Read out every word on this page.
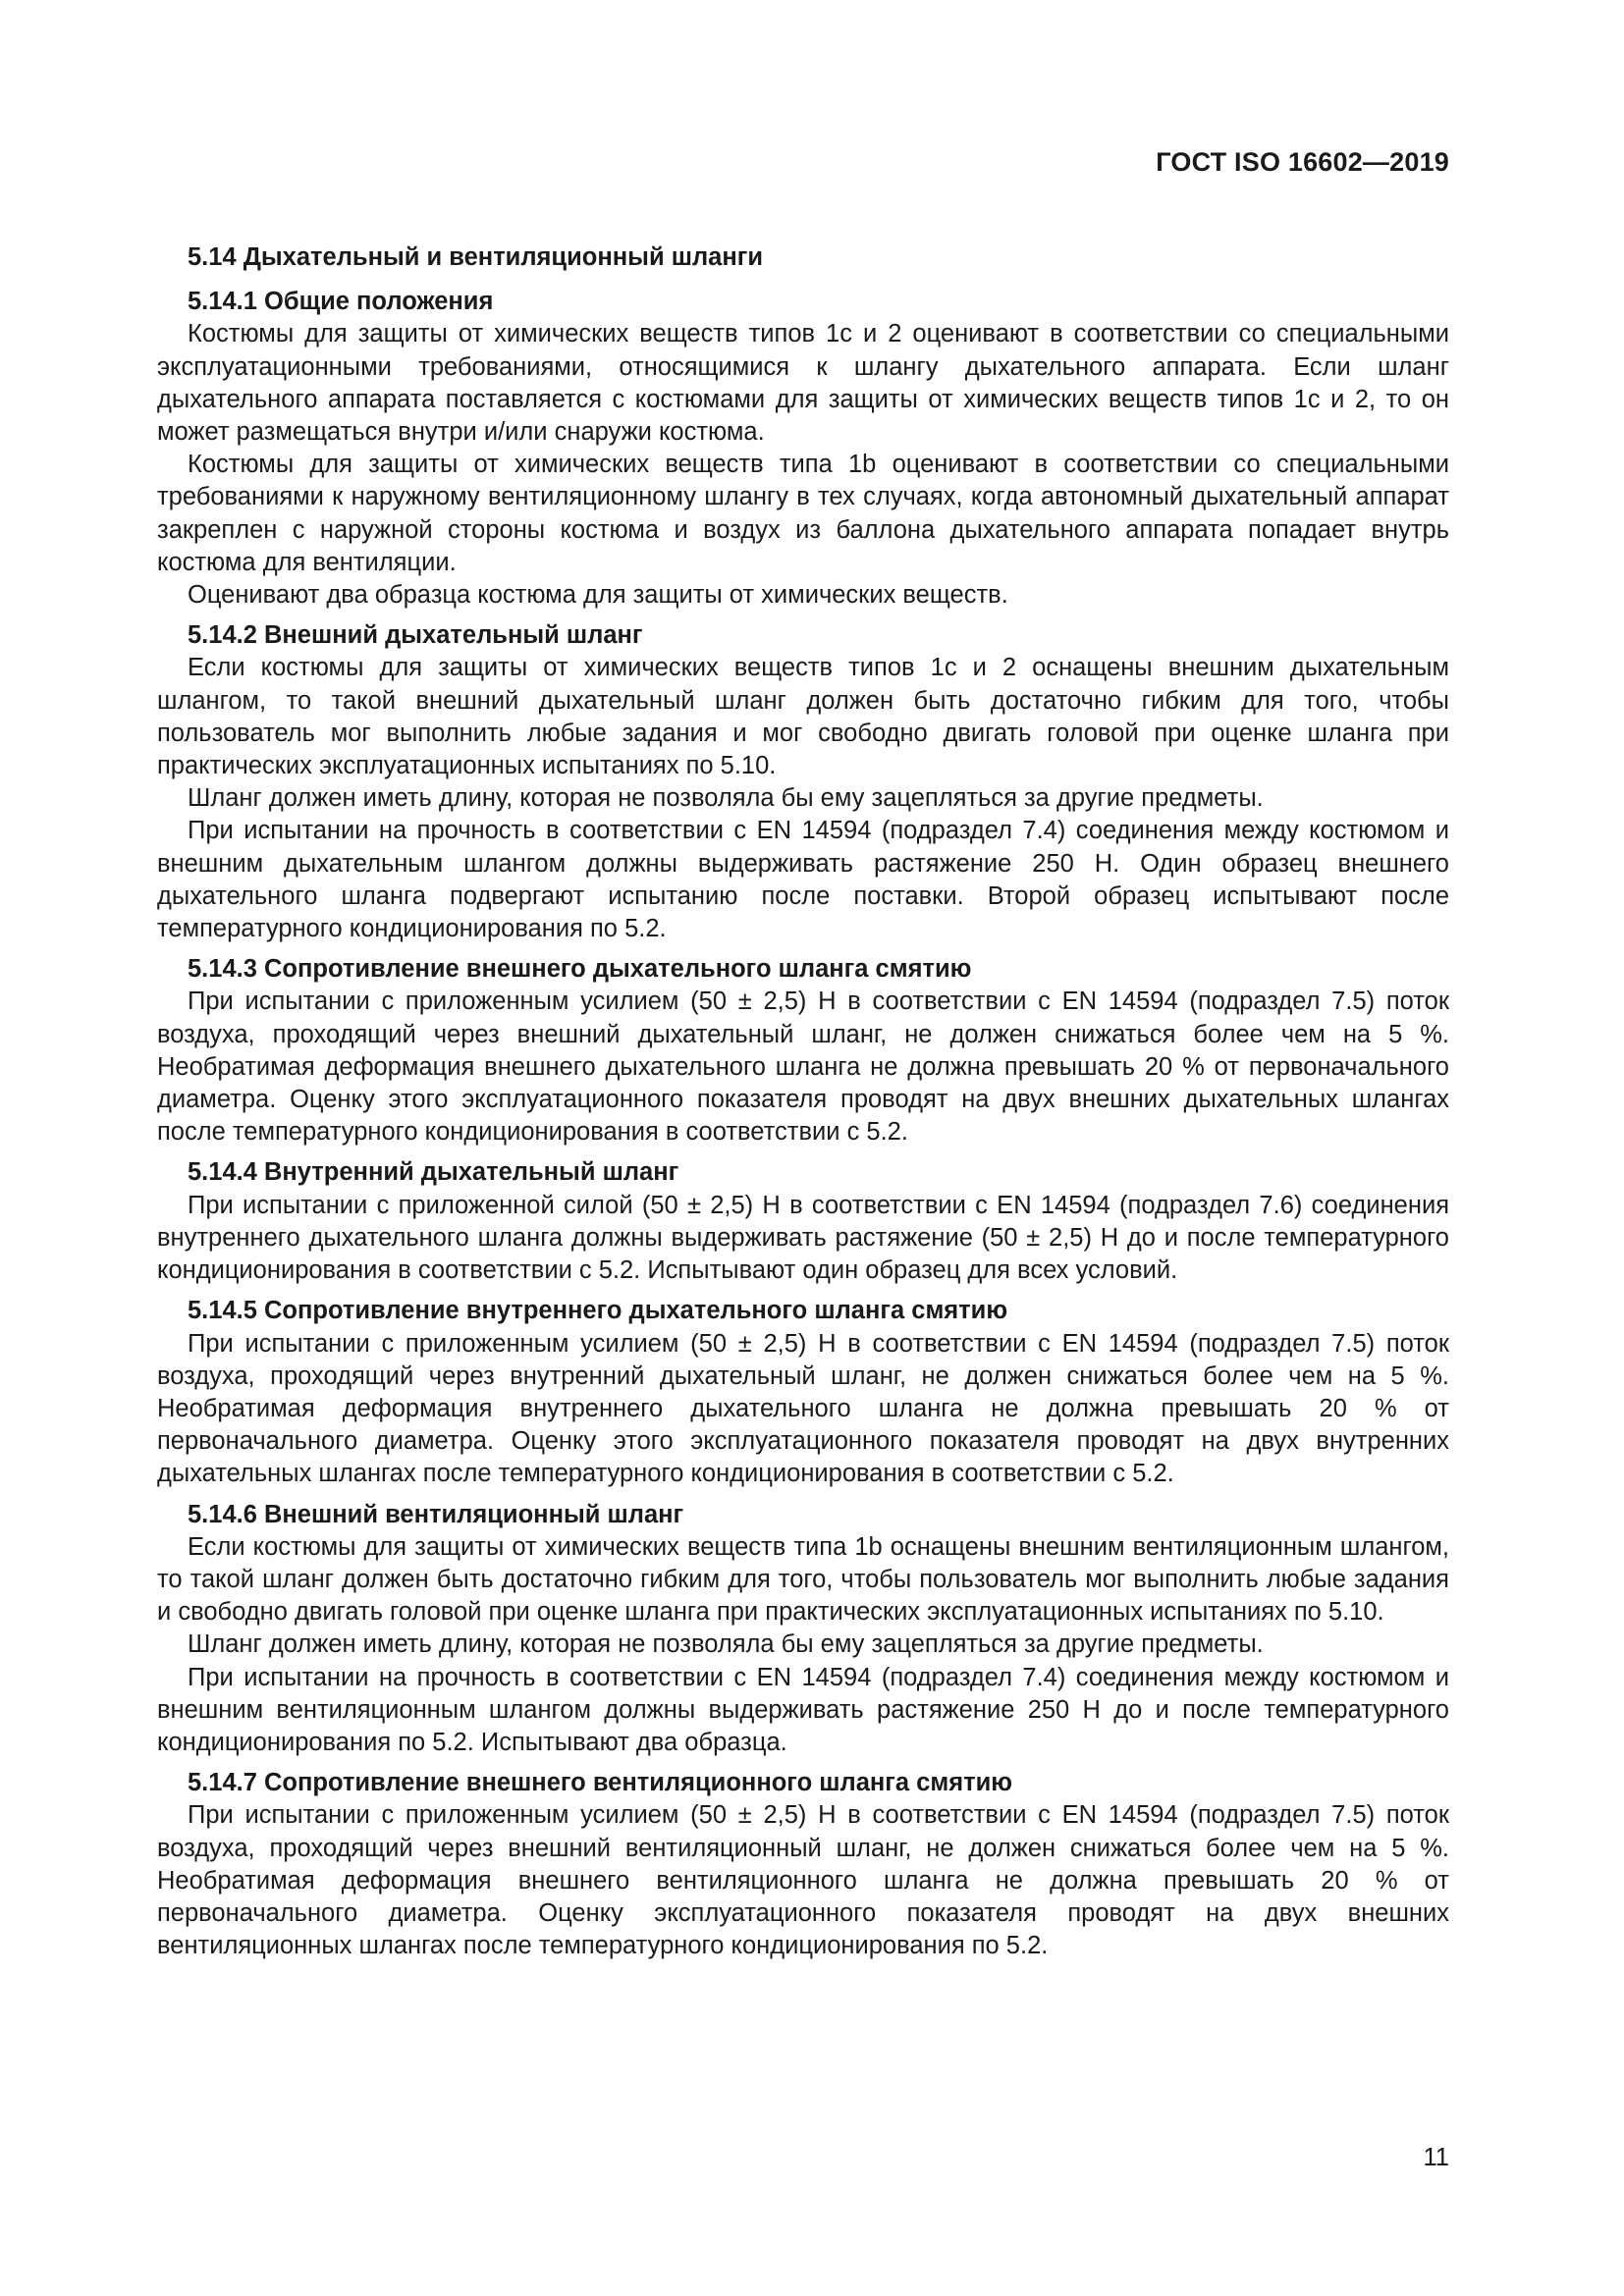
ГОСТ ISO 16602—2019

5.14 Дыхательный и вентиляционный шланги

5.14.1 Общие положения

Костюмы для защиты от химических веществ типов 1с и 2 оценивают в соответствии со специальными эксплуатационными требованиями, относящимися к шлангу дыхательного аппарата. Если шланг дыхательного аппарата поставляется с костюмами для защиты от химических веществ типов 1с и 2, то он может размещаться внутри и/или снаружи костюма.

Костюмы для защиты от химических веществ типа 1b оценивают в соответствии со специальными требованиями к наружному вентиляционному шлангу в тех случаях, когда автономный дыхательный аппарат закреплен с наружной стороны костюма и воздух из баллона дыхательного аппарата попадает внутрь костюма для вентиляции.

Оценивают два образца костюма для защиты от химических веществ.

5.14.2 Внешний дыхательный шланг

Если костюмы для защиты от химических веществ типов 1с и 2 оснащены внешним дыхательным шлангом, то такой внешний дыхательный шланг должен быть достаточно гибким для того, чтобы пользователь мог выполнить любые задания и мог свободно двигать головой при оценке шланга при практических эксплуатационных испытаниях по 5.10.

Шланг должен иметь длину, которая не позволяла бы ему зацепляться за другие предметы.

При испытании на прочность в соответствии с EN 14594 (подраздел 7.4) соединения между костюмом и внешним дыхательным шлангом должны выдерживать растяжение 250 Н. Один образец внешнего дыхательного шланга подвергают испытанию после поставки. Второй образец испытывают после температурного кондиционирования по 5.2.

5.14.3 Сопротивление внешнего дыхательного шланга смятию

При испытании с приложенным усилием (50 ± 2,5) Н в соответствии с EN 14594 (подраздел 7.5) поток воздуха, проходящий через внешний дыхательный шланг, не должен снижаться более чем на 5 %. Необратимая деформация внешнего дыхательного шланга не должна превышать 20 % от первоначального диаметра. Оценку этого эксплуатационного показателя проводят на двух внешних дыхательных шлангах после температурного кондиционирования в соответствии с 5.2.

5.14.4 Внутренний дыхательный шланг

При испытании с приложенной силой (50 ± 2,5) Н в соответствии с EN 14594 (подраздел 7.6) соединения внутреннего дыхательного шланга должны выдерживать растяжение (50 ± 2,5) Н до и после температурного кондиционирования в соответствии с 5.2. Испытывают один образец для всех условий.

5.14.5 Сопротивление внутреннего дыхательного шланга смятию

При испытании с приложенным усилием (50 ± 2,5) Н в соответствии с EN 14594 (подраздел 7.5) поток воздуха, проходящий через внутренний дыхательный шланг, не должен снижаться более чем на 5 %. Необратимая деформация внутреннего дыхательного шланга не должна превышать 20 % от первоначального диаметра. Оценку этого эксплуатационного показателя проводят на двух внутренних дыхательных шлангах после температурного кондиционирования в соответствии с 5.2.

5.14.6 Внешний вентиляционный шланг

Если костюмы для защиты от химических веществ типа 1b оснащены внешним вентиляционным шлангом, то такой шланг должен быть достаточно гибким для того, чтобы пользователь мог выполнить любые задания и свободно двигать головой при оценке шланга при практических эксплуатационных испытаниях по 5.10.

Шланг должен иметь длину, которая не позволяла бы ему зацепляться за другие предметы.

При испытании на прочность в соответствии с EN 14594 (подраздел 7.4) соединения между костюмом и внешним вентиляционным шлангом должны выдерживать растяжение 250 Н до и после температурного кондиционирования по 5.2. Испытывают два образца.

5.14.7 Сопротивление внешнего вентиляционного шланга смятию

При испытании с приложенным усилием (50 ± 2,5) Н в соответствии с EN 14594 (подраздел 7.5) поток воздуха, проходящий через внешний вентиляционный шланг, не должен снижаться более чем на 5 %. Необратимая деформация внешнего вентиляционного шланга не должна превышать 20 % от первоначального диаметра. Оценку эксплуатационного показателя проводят на двух внешних вентиляционных шлангах после температурного кондиционирования по 5.2.

11
